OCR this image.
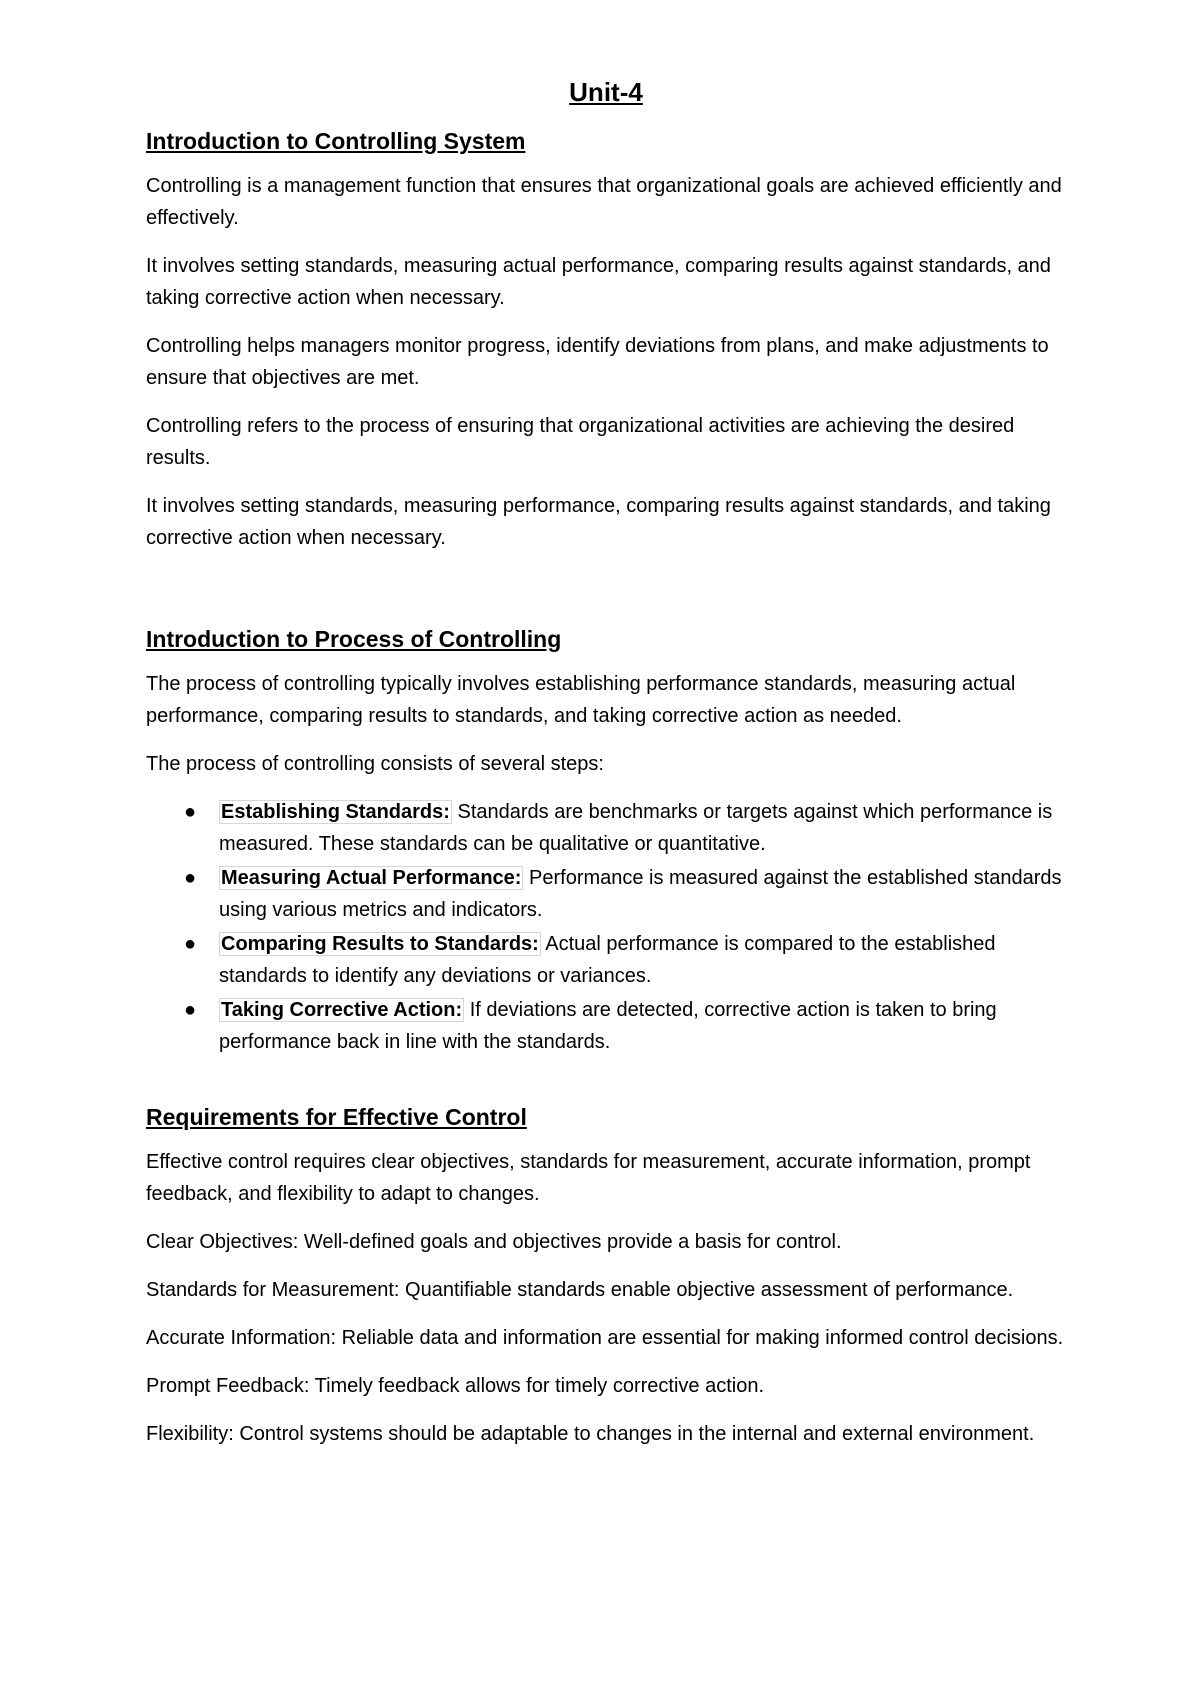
Unit-4
Introduction to Controlling System

Controlling is a management function that ensures that organizational goals are achieved efficiently and effectively.

It involves setting standards, measuring actual performance, comparing results against standards, and taking corrective action when necessary.

Controlling helps managers monitor progress, identify deviations from plans, and make adjustments to ensure that objectives are met.

Controlling refers to the process of ensuring that organizational activities are achieving the desired results.

It involves setting standards, measuring performance, comparing results against standards, and taking corrective action when necessary.

Introduction to Process of Controlling

The process of controlling typically involves establishing performance standards, measuring actual performance, comparing results to standards, and taking corrective action as needed.

The process of controlling consists of several steps:

● Establishing Standards: Standards are benchmarks or targets against which performance is measured. These standards can be qualitative or quantitative.
● Measuring Actual Performance: Performance is measured against the established standards using various metrics and indicators.
● Comparing Results to Standards: Actual performance is compared to the established standards to identify any deviations or variances.
● Taking Corrective Action: If deviations are detected, corrective action is taken to bring performance back in line with the standards.
Requirements for Effective Control

Effective control requires clear objectives, standards for measurement, accurate information, prompt feedback, and flexibility to adapt to changes.

Clear Objectives: Well-defined goals and objectives provide a basis for control.

Standards for Measurement: Quantifiable standards enable objective assessment of performance.

Accurate Information: Reliable data and information are essential for making informed control decisions.

Prompt Feedback: Timely feedback allows for timely corrective action.

Flexibility: Control systems should be adaptable to changes in the internal and external environment.
